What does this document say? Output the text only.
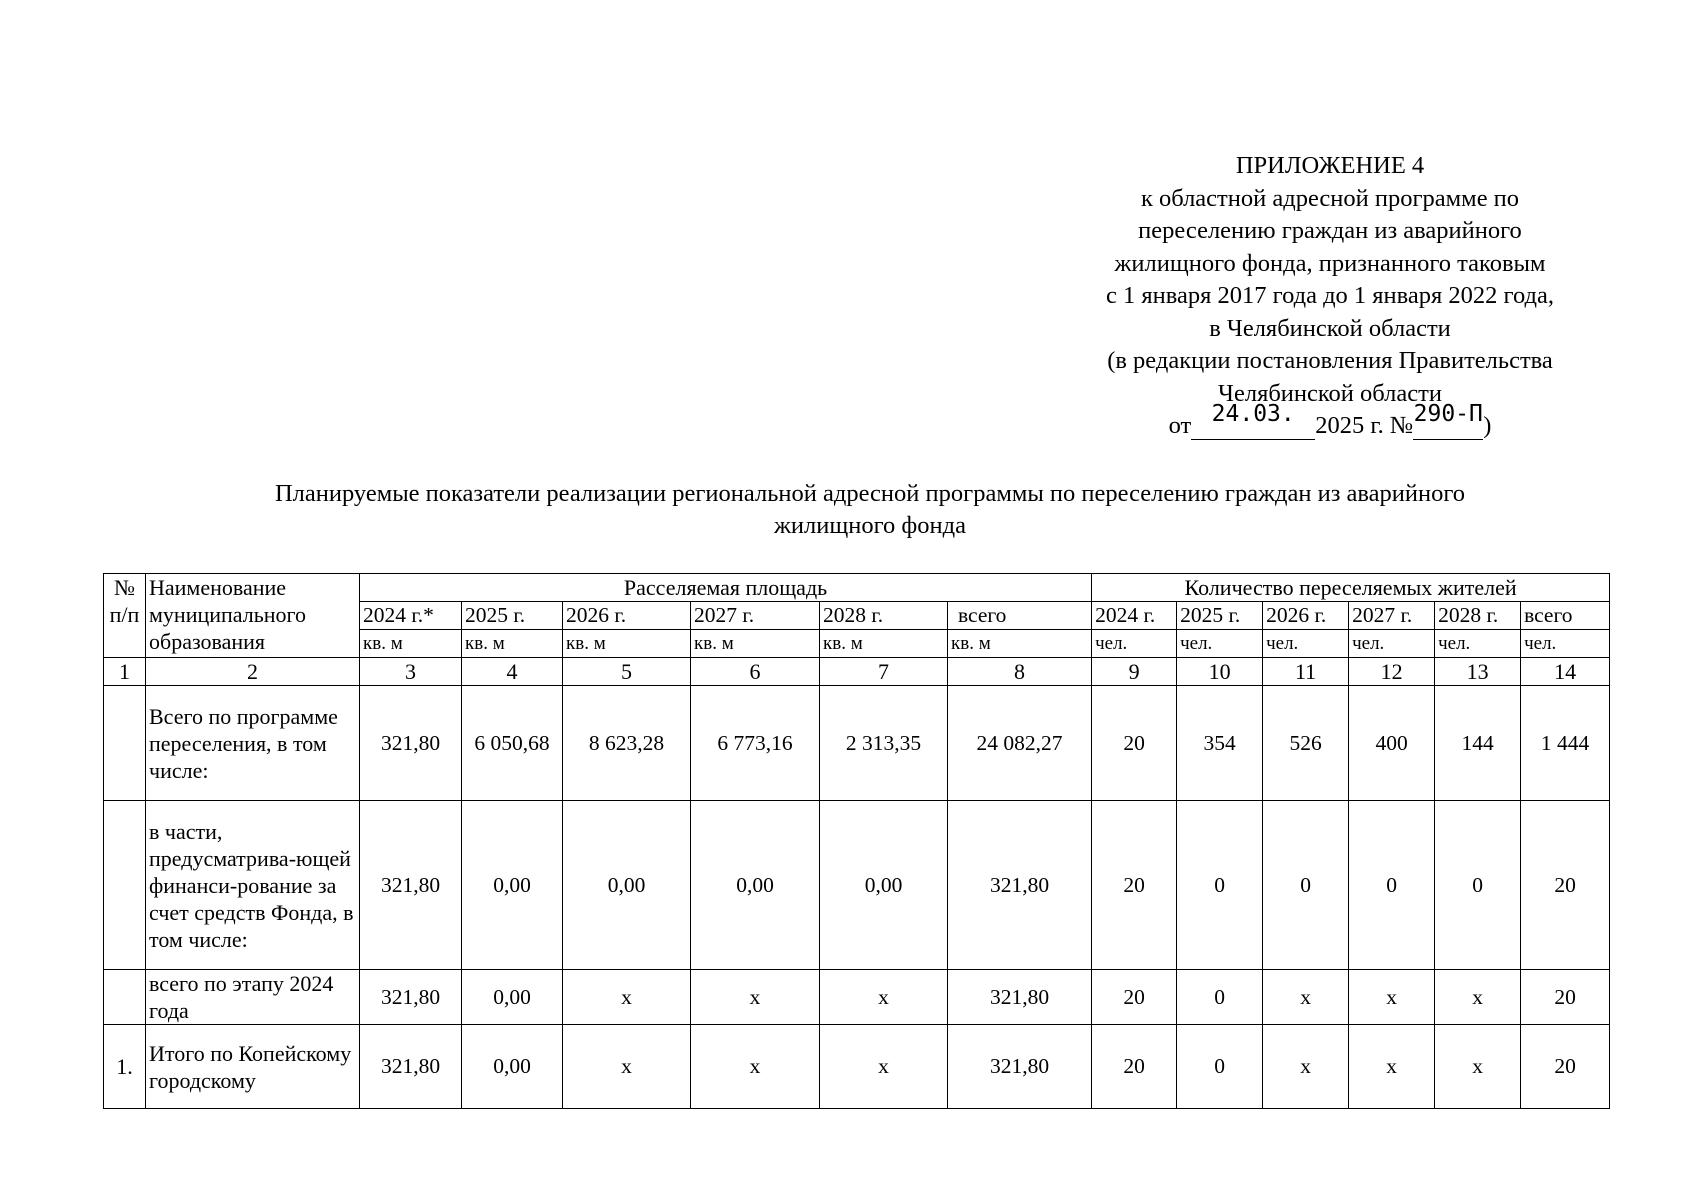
ПРИЛОЖЕНИЕ 4
к областной адресной программе по
переселению граждан из аварийного
жилищного фонда, признанного таковым
с 1 января 2017 года до 1 января 2022 года,
в Челябинской области
(в редакции постановления Правительства
Челябинской области
от 24.03. 2025 г. № 290-П )
Планируемые показатели реализации региональной адресной программы по переселению граждан из аварийного
жилищного фонда
№ п/п	Наименование муниципального образования	Расселяемая площадь						Количество переселяемых жителей					
		2024 г.*	2025 г.	2026 г.	2027 г.	2028 г.	всего	2024 г.	2025 г.	2026 г.	2027 г.	2028 г.	всего
		кв. м	кв. м	кв. м	кв. м	кв. м	кв. м	чел.	чел.	чел.	чел.	чел.	чел.
1	2	3	4	5	6	7	8	9	10	11	12	13	14
	Всего по программе переселения, в том числе:	321,80	6 050,68	8 623,28	6 773,16	2 313,35	24 082,27	20	354	526	400	144	1 444
	в части, предусматрива-ющей финанси-рование за счет средств Фонда, в том числе:	321,80	0,00	0,00	0,00	0,00	321,80	20	0	0	0	0	20
	всего по этапу 2024 года	321,80	0,00	х	х	х	321,80	20	0	х	х	х	20
1.	Итого по Копейскому городскому	321,80	0,00	х	х	х	321,80	20	0	х	х	х	20
